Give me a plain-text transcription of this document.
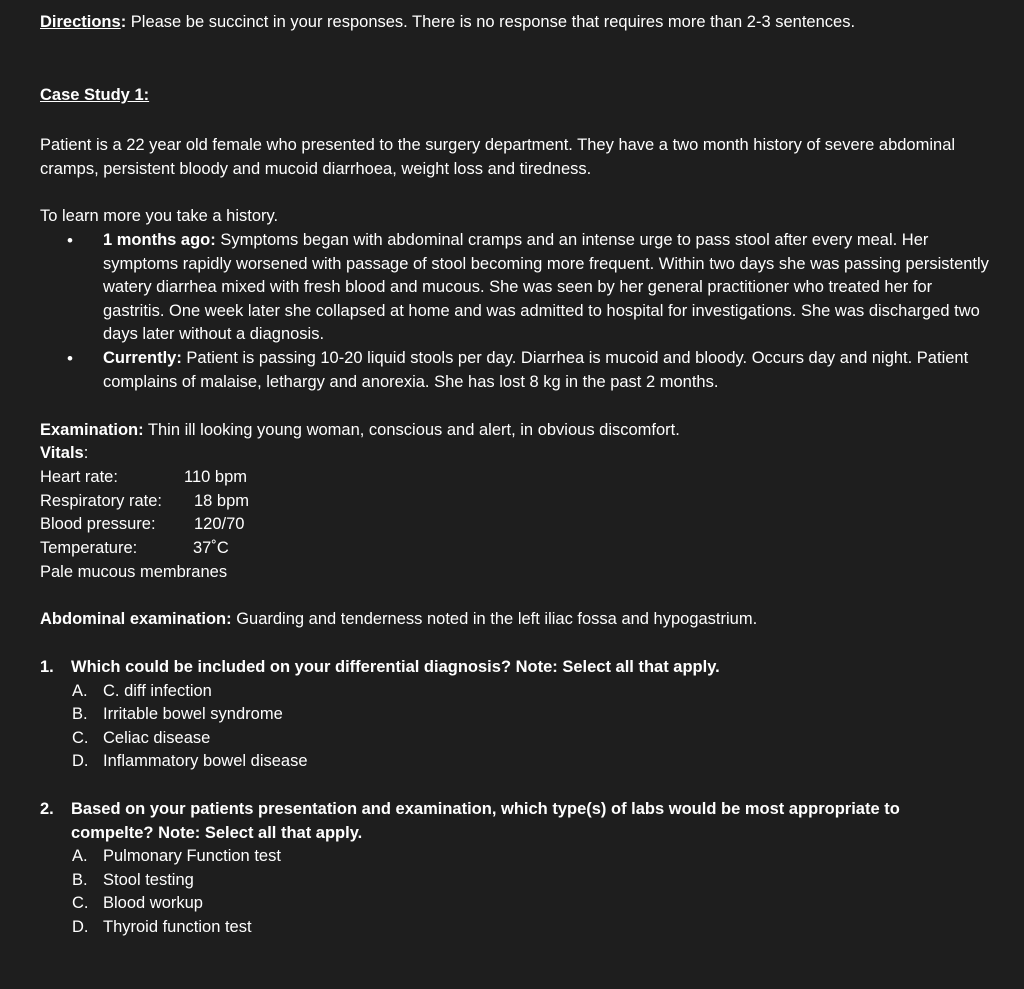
Directions: Please be succinct in your responses. There is no response that requires more than 2-3 sentences.
Case Study 1:
Patient is a 22 year old female who presented to the surgery department. They have a two month history of severe abdominal cramps, persistent bloody and mucoid diarrhoea, weight loss and tiredness.
To learn more you take a history.
• 1 months ago: Symptoms began with abdominal cramps and an intense urge to pass stool after every meal. Her symptoms rapidly worsened with passage of stool becoming more frequent. Within two days she was passing persistently watery diarrhea mixed with fresh blood and mucous. She was seen by her general practitioner who treated her for gastritis. One week later she collapsed at home and was admitted to hospital for investigations. She was discharged two days later without a diagnosis.
• Currently: Patient is passing 10-20 liquid stools per day. Diarrhea is mucoid and bloody. Occurs day and night. Patient complains of malaise, lethargy and anorexia. She has lost 8 kg in the past 2 months.
Examination: Thin ill looking young woman, conscious and alert, in obvious discomfort.
Vitals:
Heart rate:	110 bpm
Respiratory rate: 18 bpm
Blood pressure: 120/70
Temperature:	37˚C
Pale mucous membranes
Abdominal examination: Guarding and tenderness noted in the left iliac fossa and hypogastrium.
1. Which could be included on your differential diagnosis? Note: Select all that apply.
A. C. diff infection
B. Irritable bowel syndrome
C. Celiac disease
D. Inflammatory bowel disease
2. Based on your patients presentation and examination, which type(s) of labs would be most appropriate to compelte? Note: Select all that apply.
A. Pulmonary Function test
B. Stool testing
C. Blood workup
D. Thyroid function test
